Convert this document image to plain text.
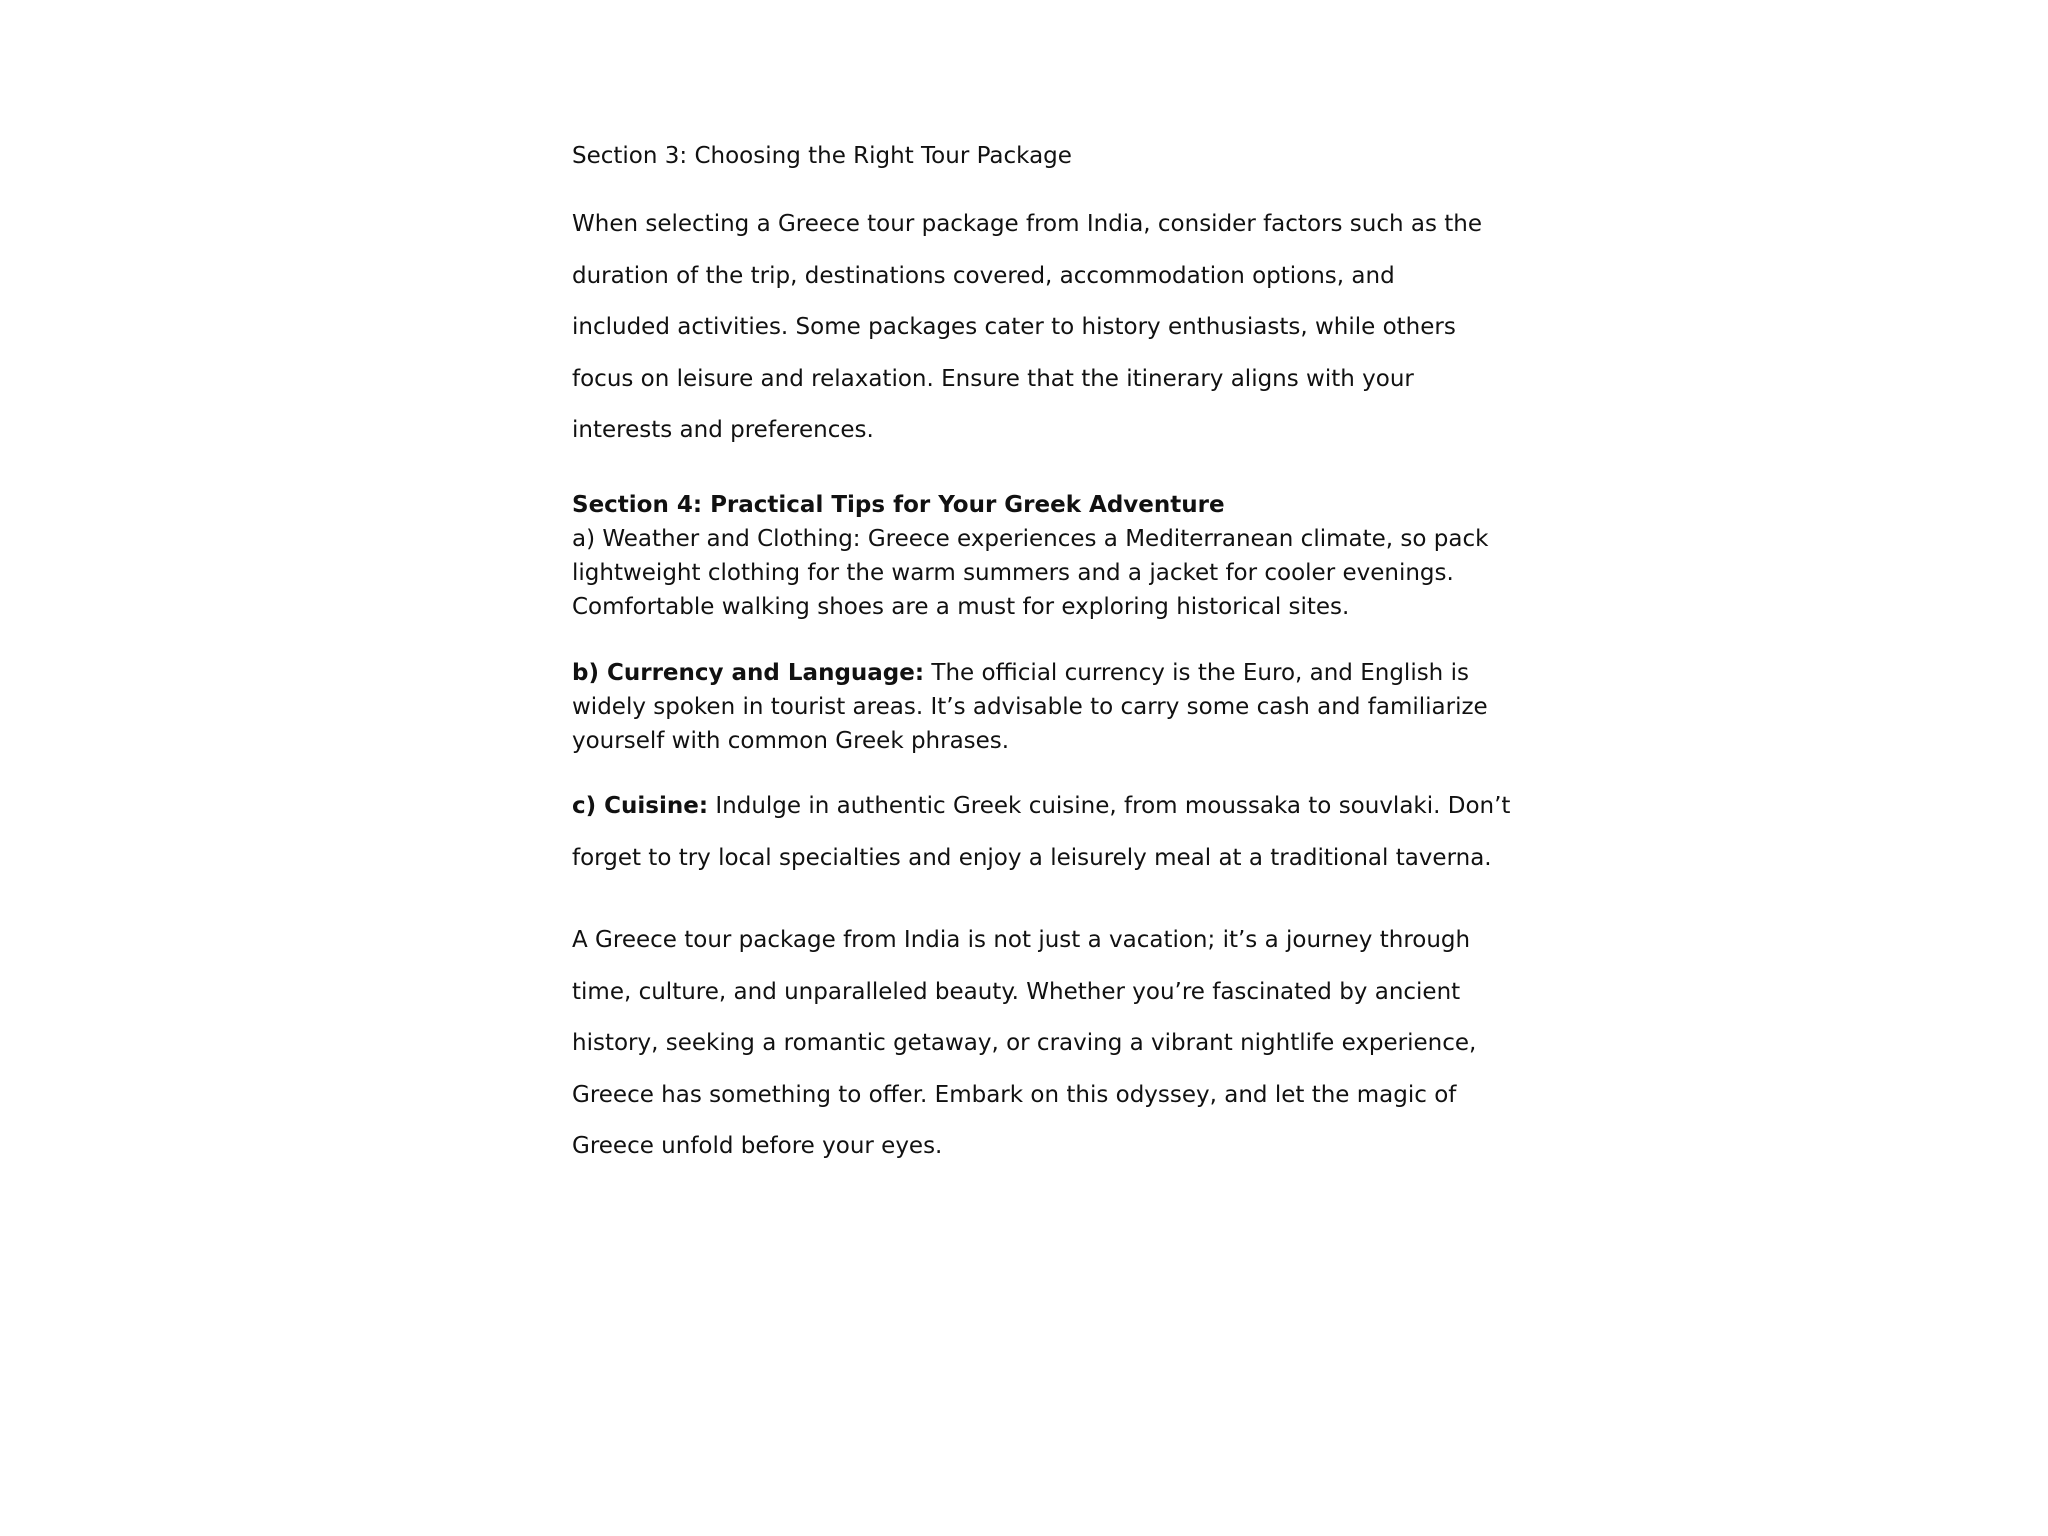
Section 3: Choosing the Right Tour Package

When selecting a Greece tour package from India, consider factors such as the
duration of the trip, destinations covered, accommodation options, and
included activities. Some packages cater to history enthusiasts, while others
focus on leisure and relaxation. Ensure that the itinerary aligns with your
interests and preferences.

Section 4: Practical Tips for Your Greek Adventure

a) Weather and Clothing: Greece experiences a Mediterranean climate, so pack
lightweight clothing for the warm summers and a jacket for cooler evenings.
Comfortable walking shoes are a must for exploring historical sites.

b) Currency and Language: The official currency is the Euro, and English is
widely spoken in tourist areas. It’s advisable to carry some cash and familiarize
yourself with common Greek phrases.

c) Cuisine: Indulge in authentic Greek cuisine, from moussaka to souvlaki. Don’t
forget to try local specialties and enjoy a leisurely meal at a traditional taverna.

A Greece tour package from India is not just a vacation; it’s a journey through
time, culture, and unparalleled beauty. Whether you’re fascinated by ancient
history, seeking a romantic getaway, or craving a vibrant nightlife experience,
Greece has something to offer. Embark on this odyssey, and let the magic of
Greece unfold before your eyes.
